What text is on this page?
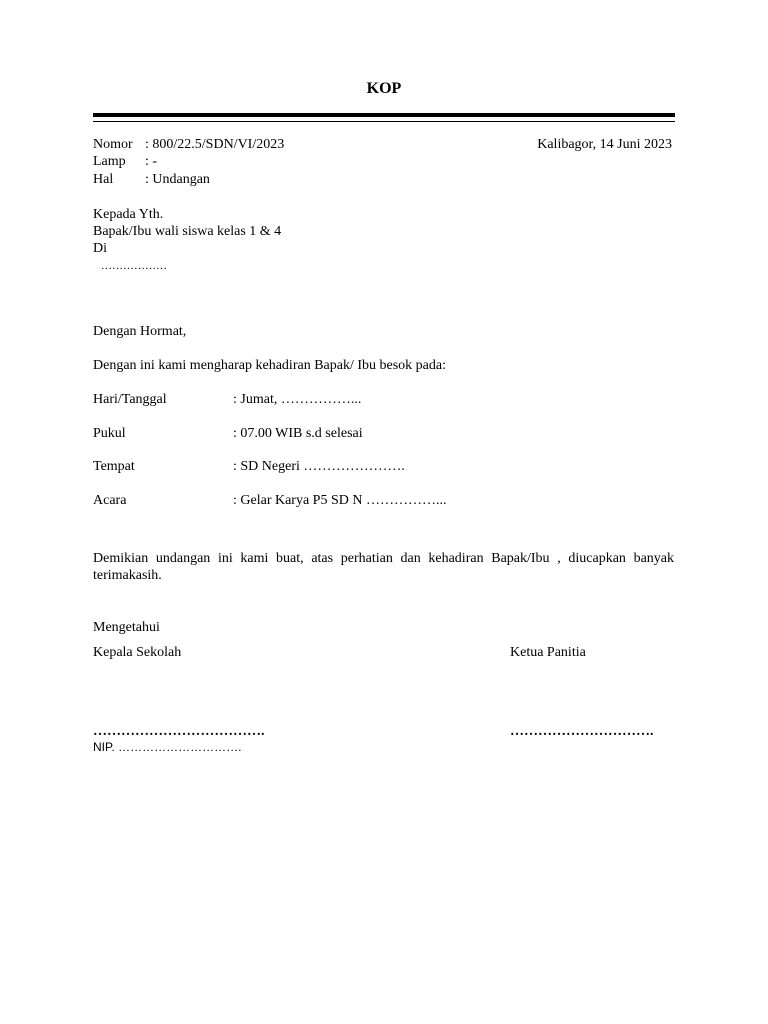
KOP
Nomor : 800/22.5/SDN/VI/2023	Kalibagor, 14 Juni 2023
Lamp : -
Hal : Undangan
Kepada Yth.
Bapak/Ibu wali siswa kelas 1 & 4
Di
………………
Dengan Hormat,
Dengan ini kami mengharap kehadiran Bapak/ Ibu besok pada:
Hari/Tanggal	: Jumat, ……………...
Pukul	: 07.00 WIB s.d selesai
Tempat	: SD Negeri ………………….
Acara	: Gelar Karya P5 SD N ……………...
Demikian undangan ini kami buat, atas perhatian dan kehadiran Bapak/Ibu , diucapkan banyak terimakasih.
Mengetahui
Kepala Sekolah	Ketua Panitia
……………………………….	………………………….
NIP. ………………………….
